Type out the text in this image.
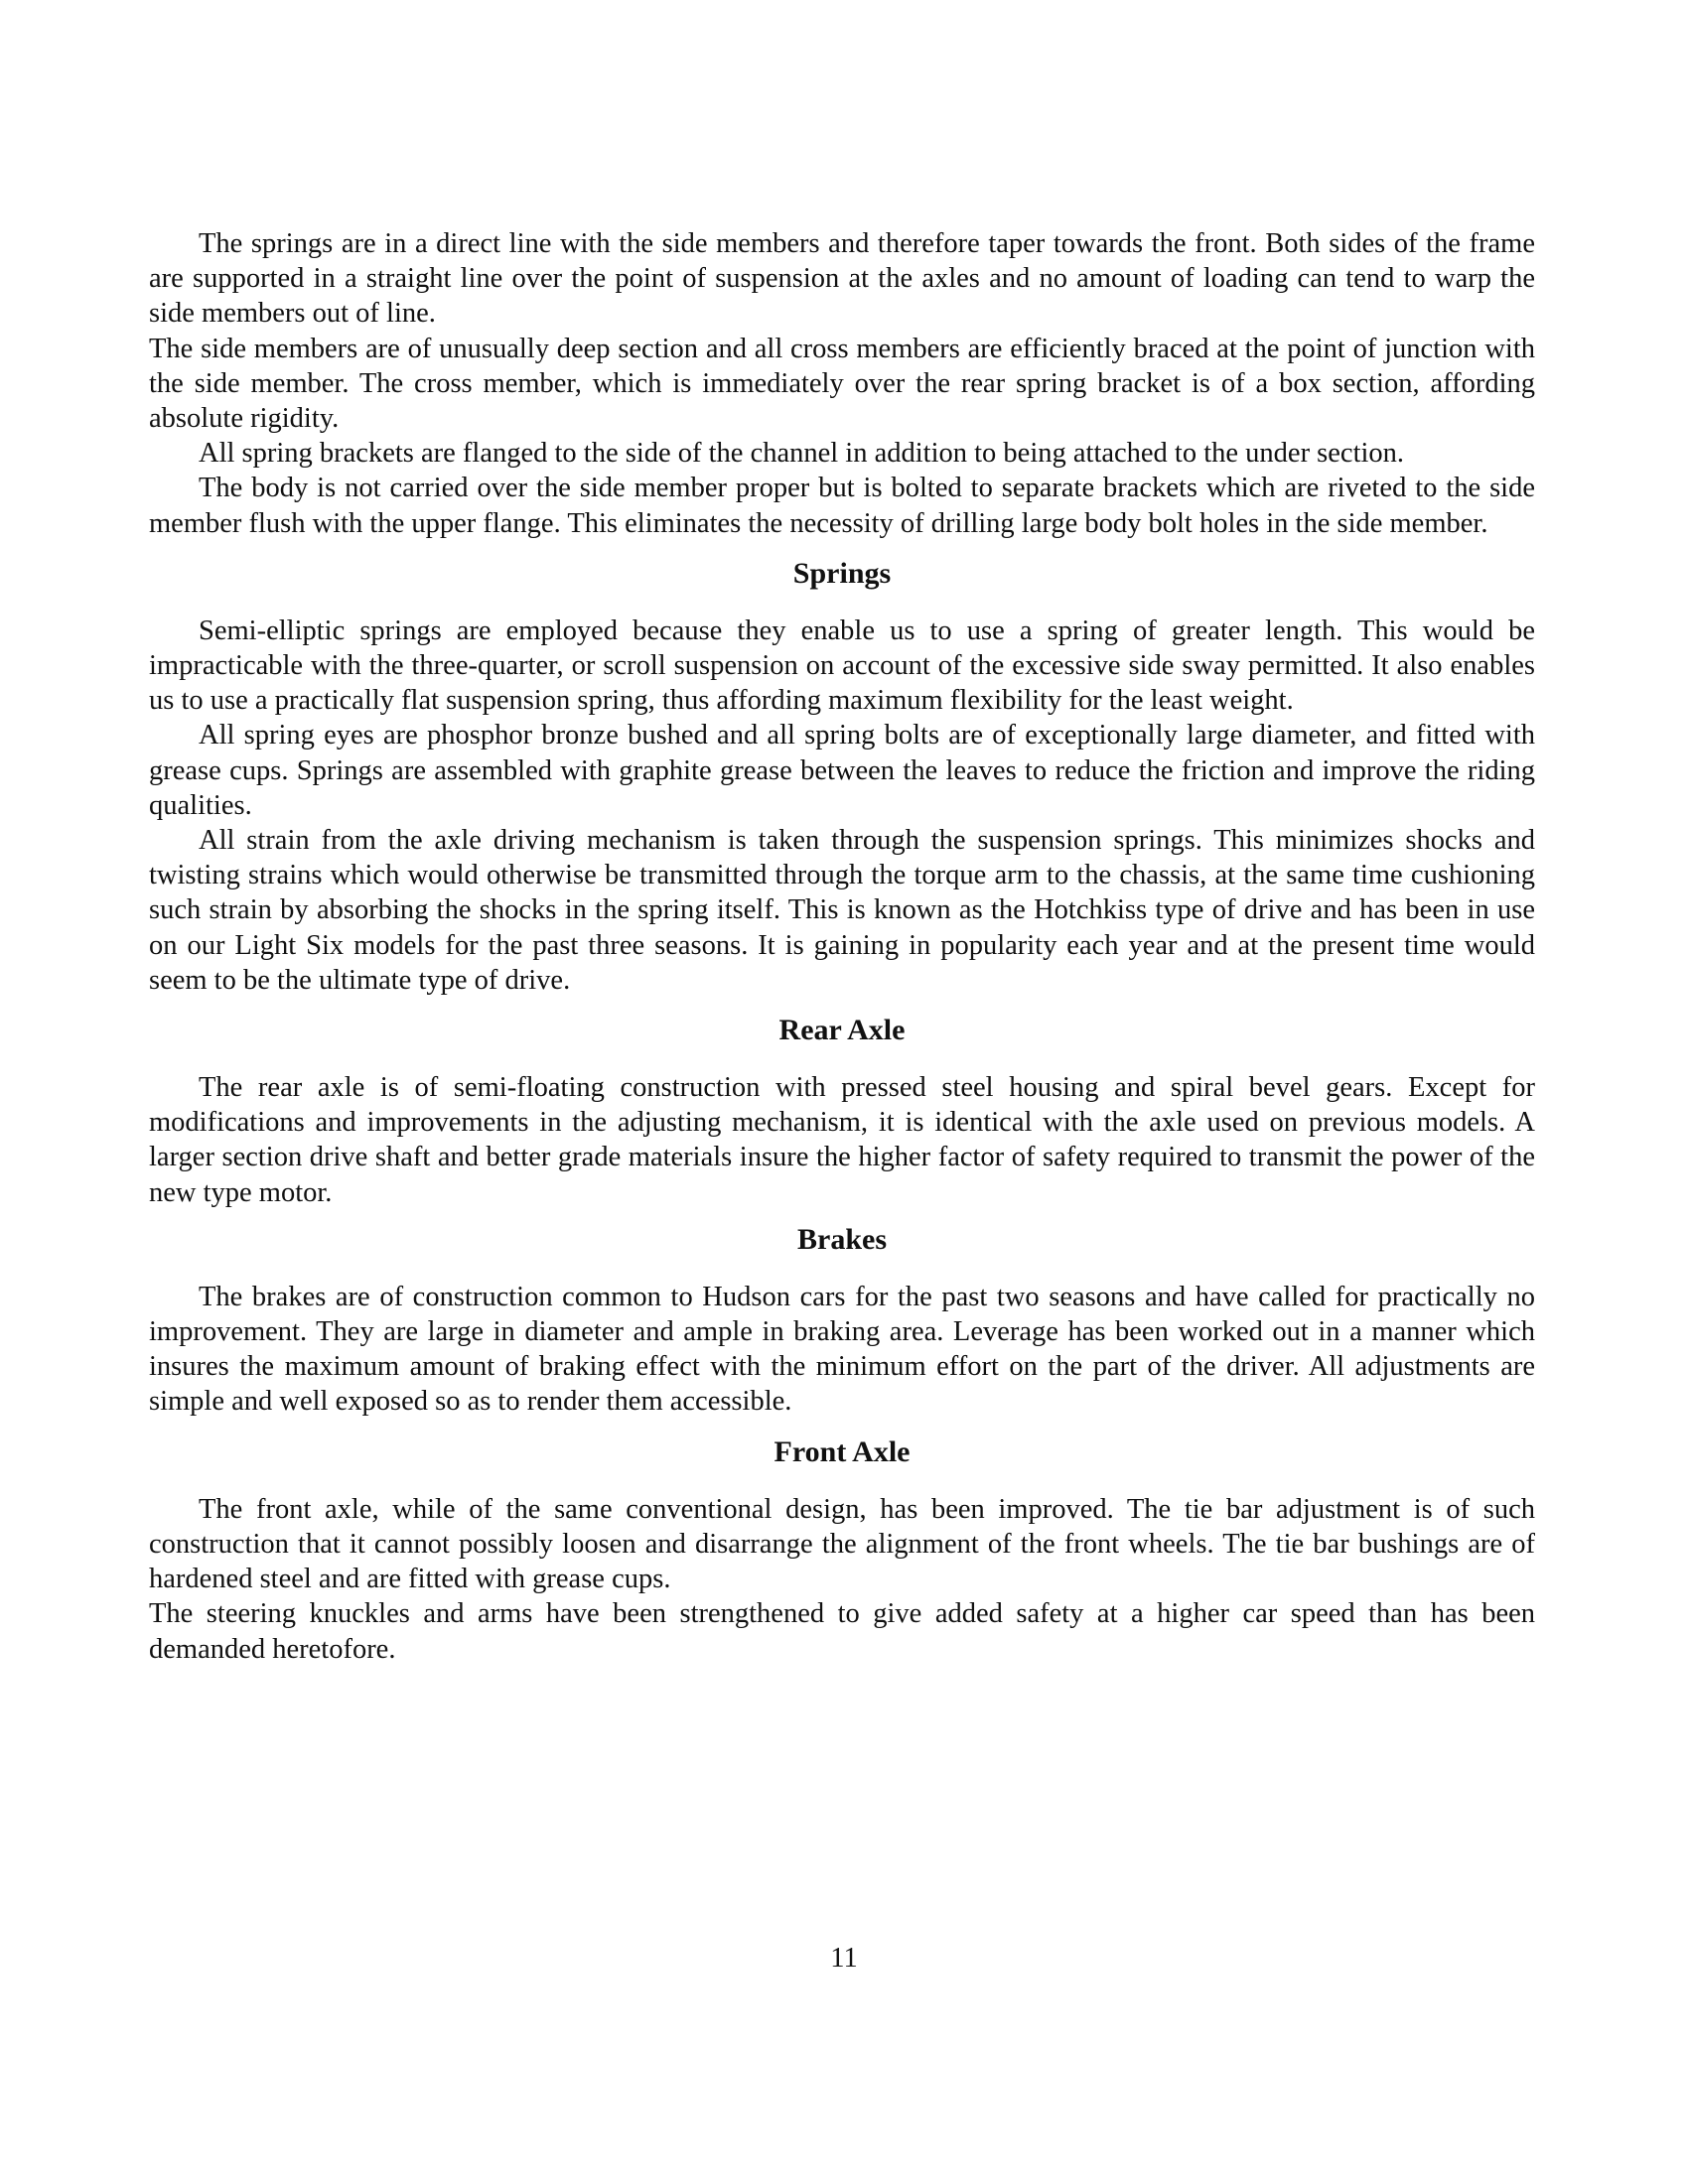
The springs are in a direct line with the side members and therefore taper towards the front. Both sides of the frame are supported in a straight line over the point of suspension at the axles and no amount of loading can tend to warp the side members out of line.

The side members are of unusually deep section and all cross members are efficiently braced at the point of junction with the side member. The cross member, which is immediately over the rear spring bracket is of a box section, affording absolute rigidity.

All spring brackets are flanged to the side of the channel in addition to being attached to the under section.

The body is not carried over the side member proper but is bolted to separate brackets which are riveted to the side member flush with the upper flange. This eliminates the necessity of drilling large body bolt holes in the side member.

Springs

Semi-elliptic springs are employed because they enable us to use a spring of greater length. This would be impracticable with the three-quarter, or scroll suspension on account of the excessive side sway permitted. It also enables us to use a practically flat suspension spring, thus affording maximum flexibility for the least weight.

All spring eyes are phosphor bronze bushed and all spring bolts are of exceptionally large diameter, and fitted with grease cups. Springs are assembled with graphite grease between the leaves to reduce the friction and improve the riding qualities.

All strain from the axle driving mechanism is taken through the suspension springs. This minimizes shocks and twisting strains which would otherwise be transmitted through the torque arm to the chassis, at the same time cushioning such strain by absorbing the shocks in the spring itself. This is known as the Hotchkiss type of drive and has been in use on our Light Six models for the past three seasons. It is gaining in popularity each year and at the present time would seem to be the ultimate type of drive.

Rear Axle

The rear axle is of semi-floating construction with pressed steel housing and spiral bevel gears. Except for modifications and improvements in the adjusting mechanism, it is identical with the axle used on previous models. A larger section drive shaft and better grade materials insure the higher factor of safety required to transmit the power of the new type motor.

Brakes

The brakes are of construction common to Hudson cars for the past two seasons and have called for practically no improvement. They are large in diameter and ample in braking area. Leverage has been worked out in a manner which insures the maximum amount of braking effect with the minimum effort on the part of the driver. All adjustments are simple and well exposed so as to render them accessible.

Front Axle

The front axle, while of the same conventional design, has been improved. The tie bar adjustment is of such construction that it cannot possibly loosen and disarrange the alignment of the front wheels. The tie bar bushings are of hardened steel and are fitted with grease cups.

The steering knuckles and arms have been strengthened to give added safety at a higher car speed than has been demanded heretofore.

11
